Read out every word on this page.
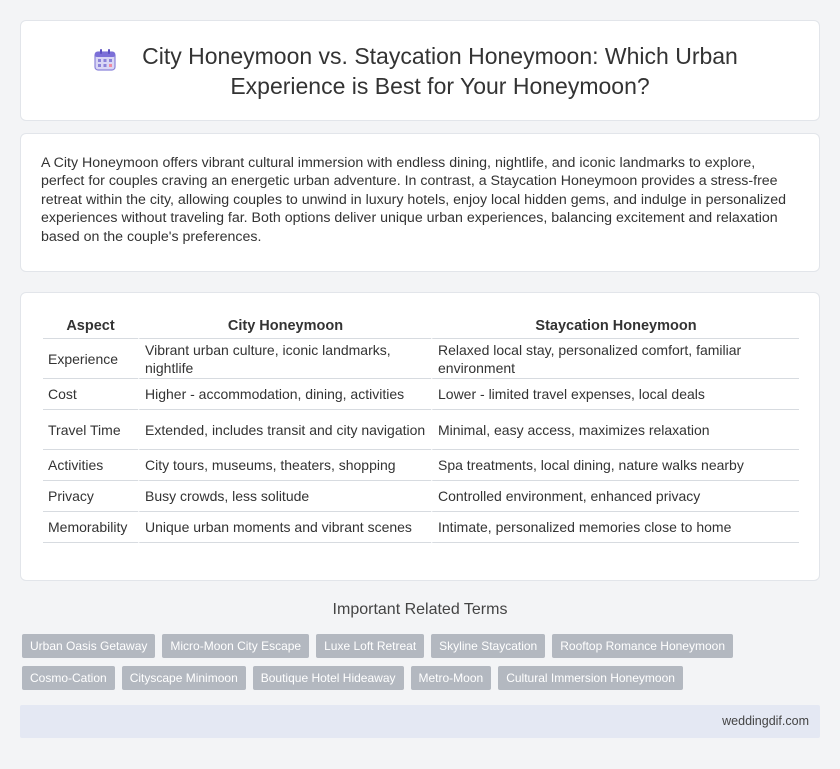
City Honeymoon vs. Staycation Honeymoon: Which Urban Experience is Best for Your Honeymoon?

A City Honeymoon offers vibrant cultural immersion with endless dining, nightlife, and iconic landmarks to explore, perfect for couples craving an energetic urban adventure. In contrast, a Staycation Honeymoon provides a stress-free retreat within the city, allowing couples to unwind in luxury hotels, enjoy local hidden gems, and indulge in personalized experiences without traveling far. Both options deliver unique urban experiences, balancing excitement and relaxation based on the couple's preferences.

Aspect	City Honeymoon	Staycation Honeymoon
Experience	Vibrant urban culture, iconic landmarks, nightlife	Relaxed local stay, personalized comfort, familiar environment
Cost	Higher - accommodation, dining, activities	Lower - limited travel expenses, local deals
Travel Time	Extended, includes transit and city navigation	Minimal, easy access, maximizes relaxation
Activities	City tours, museums, theaters, shopping	Spa treatments, local dining, nature walks nearby
Privacy	Busy crowds, less solitude	Controlled environment, enhanced privacy
Memorability	Unique urban moments and vibrant scenes	Intimate, personalized memories close to home
Important Related Terms
Urban Oasis Getaway	Micro-Moon City Escape	Luxe Loft Retreat	Skyline Staycation	Rooftop Romance Honeymoon
Cosmo-Cation	Cityscape Minimoon	Boutique Hotel Hideaway	Metro-Moon	Cultural Immersion Honeymoon
weddingdif.com
